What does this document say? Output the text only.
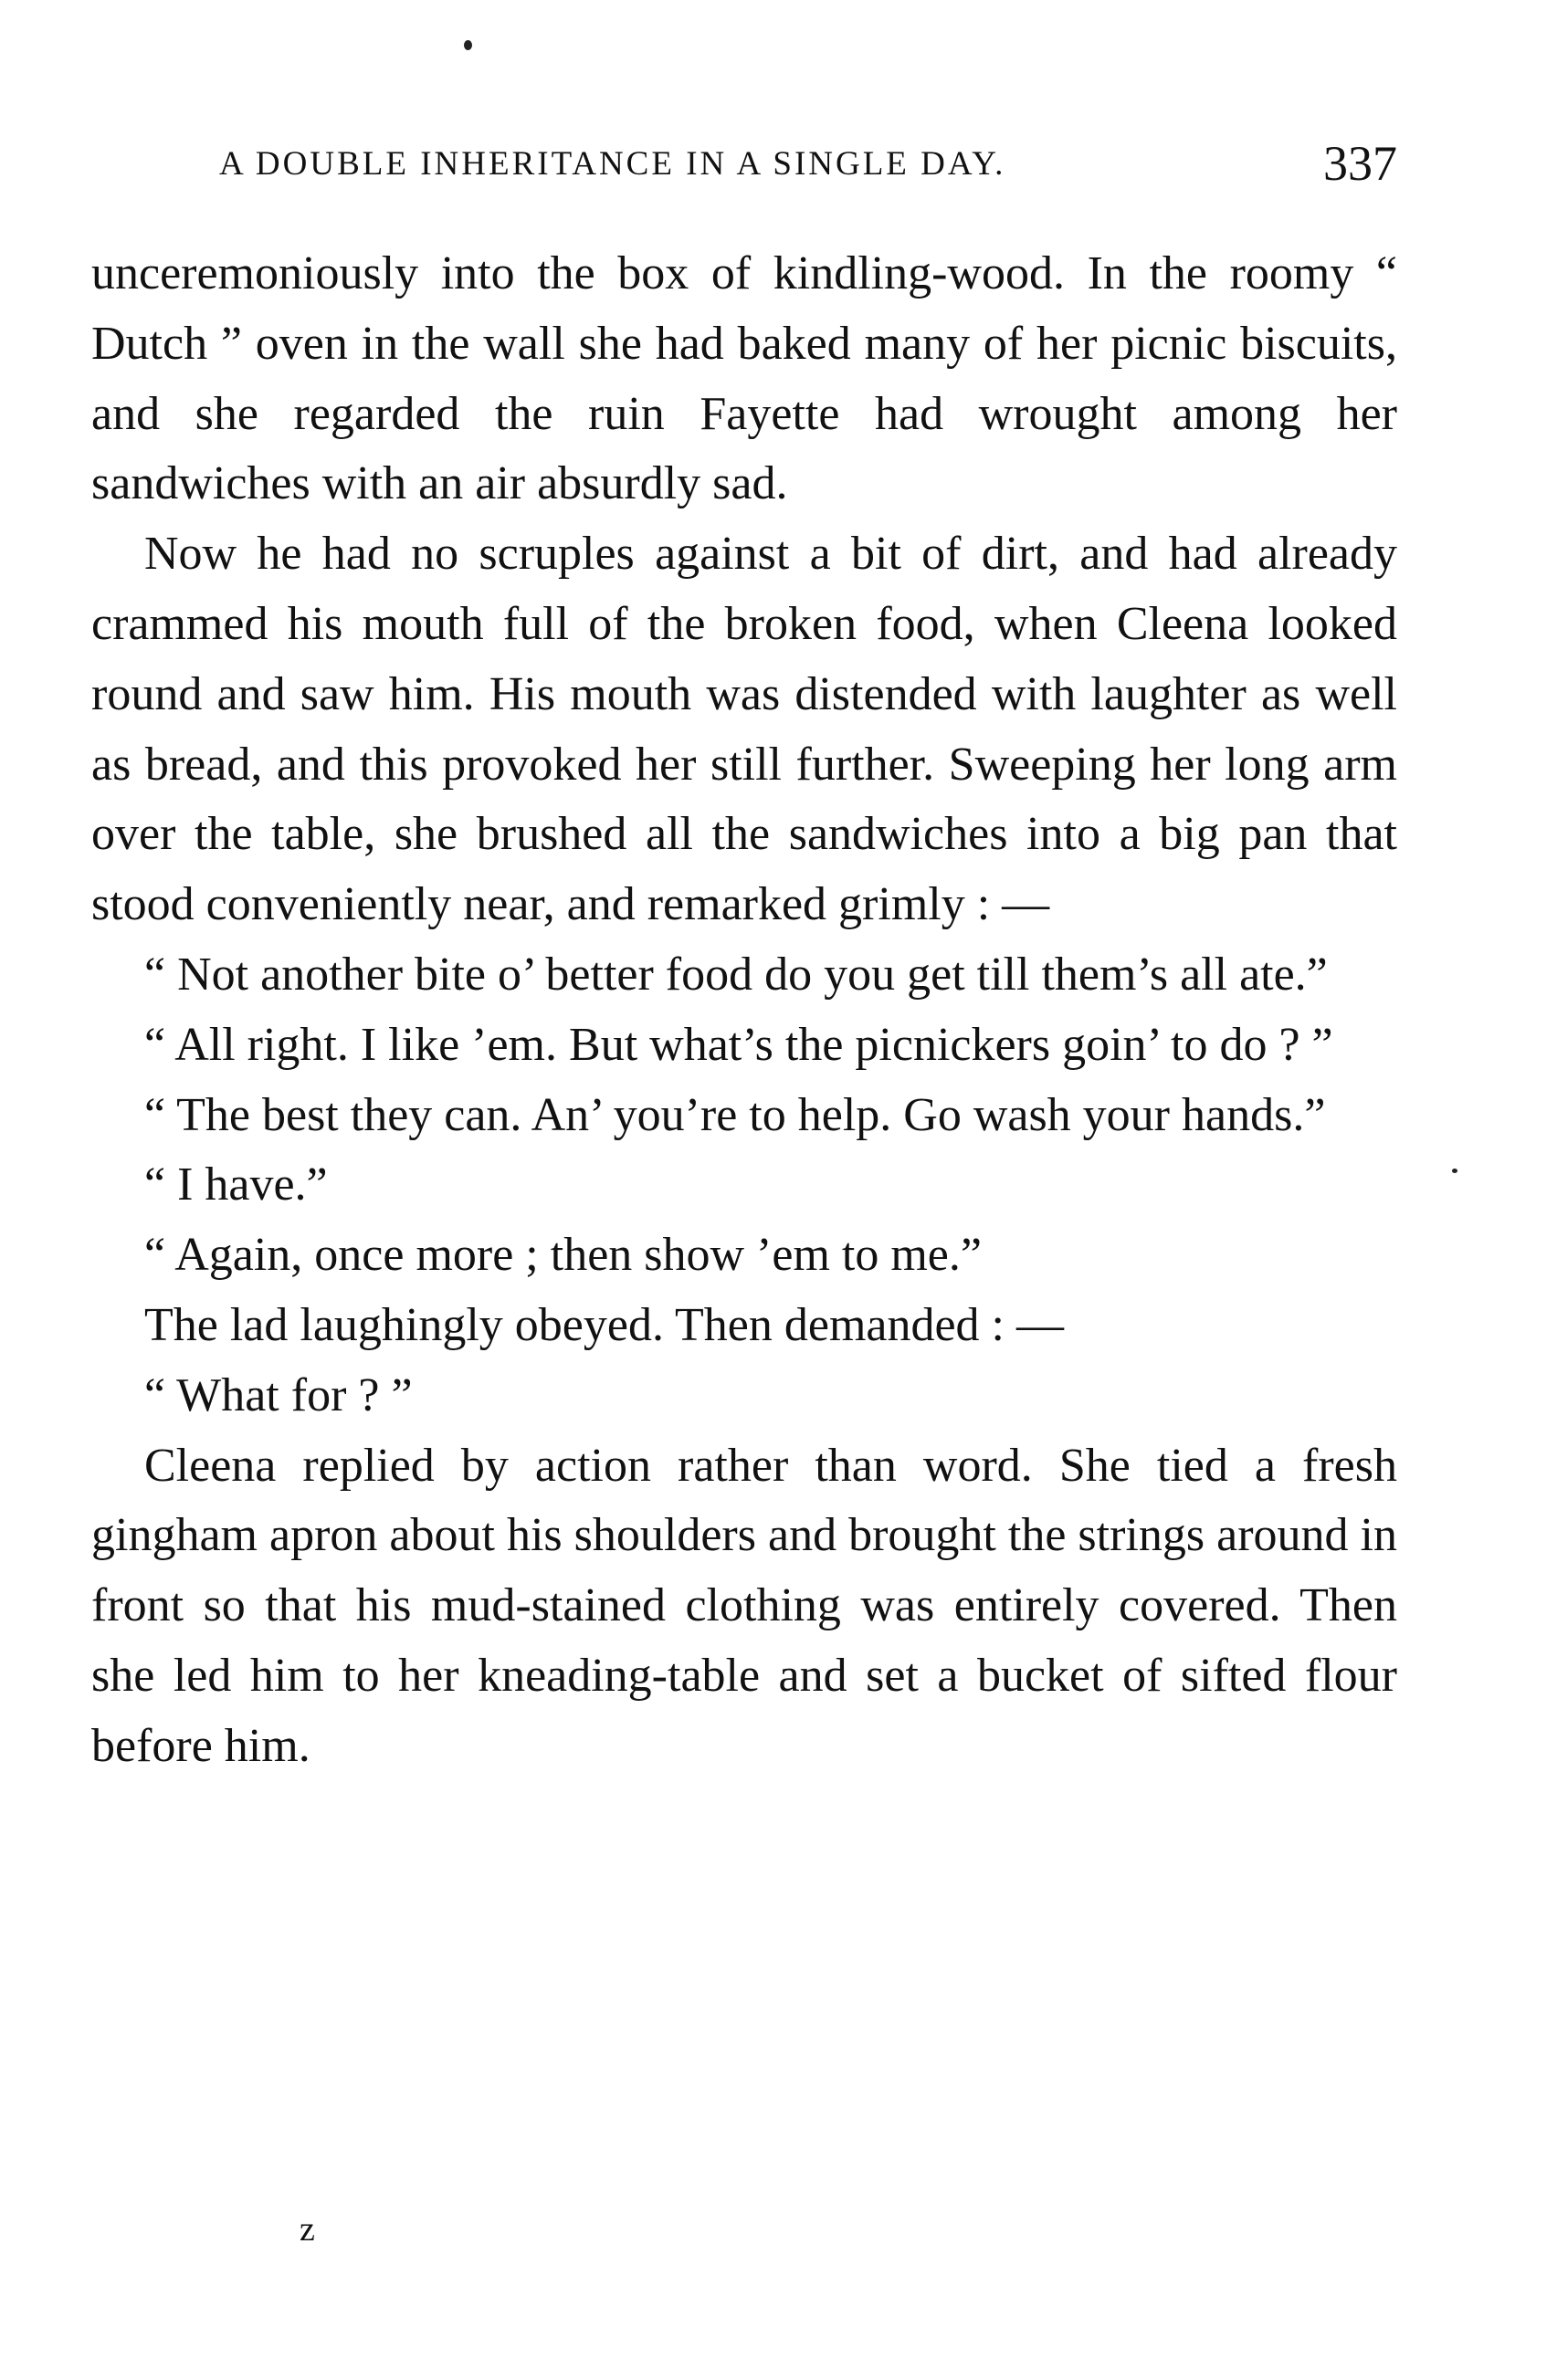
A DOUBLE INHERITANCE IN A SINGLE DAY.	337

unceremoniously into the box of kindling-wood. In the roomy “ Dutch ” oven in the wall she had baked many of her picnic biscuits, and she regarded the ruin Fayette had wrought among her sandwiches with an air absurdly sad.

Now he had no scruples against a bit of dirt, and had already crammed his mouth full of the broken food, when Cleena looked round and saw him. His mouth was distended with laughter as well as bread, and this provoked her still further. Sweeping her long arm over the table, she brushed all the sandwiches into a big pan that stood conveniently near, and remarked grimly : —

“ Not another bite o’ better food do you get till them’s all ate.”

“ All right. I like ’em. But what’s the picnickers goin’ to do ? ”

“ The best they can. An’ you’re to help. Go wash your hands.”

“ I have.”

“ Again, once more ; then show ’em to me.”

The lad laughingly obeyed. Then demanded : —

“ What for ? ”

Cleena replied by action rather than word. She tied a fresh gingham apron about his shoulders and brought the strings around in front so that his mud-stained clothing was entirely covered. Then she led him to her kneading-table and set a bucket of sifted flour before him.

z
